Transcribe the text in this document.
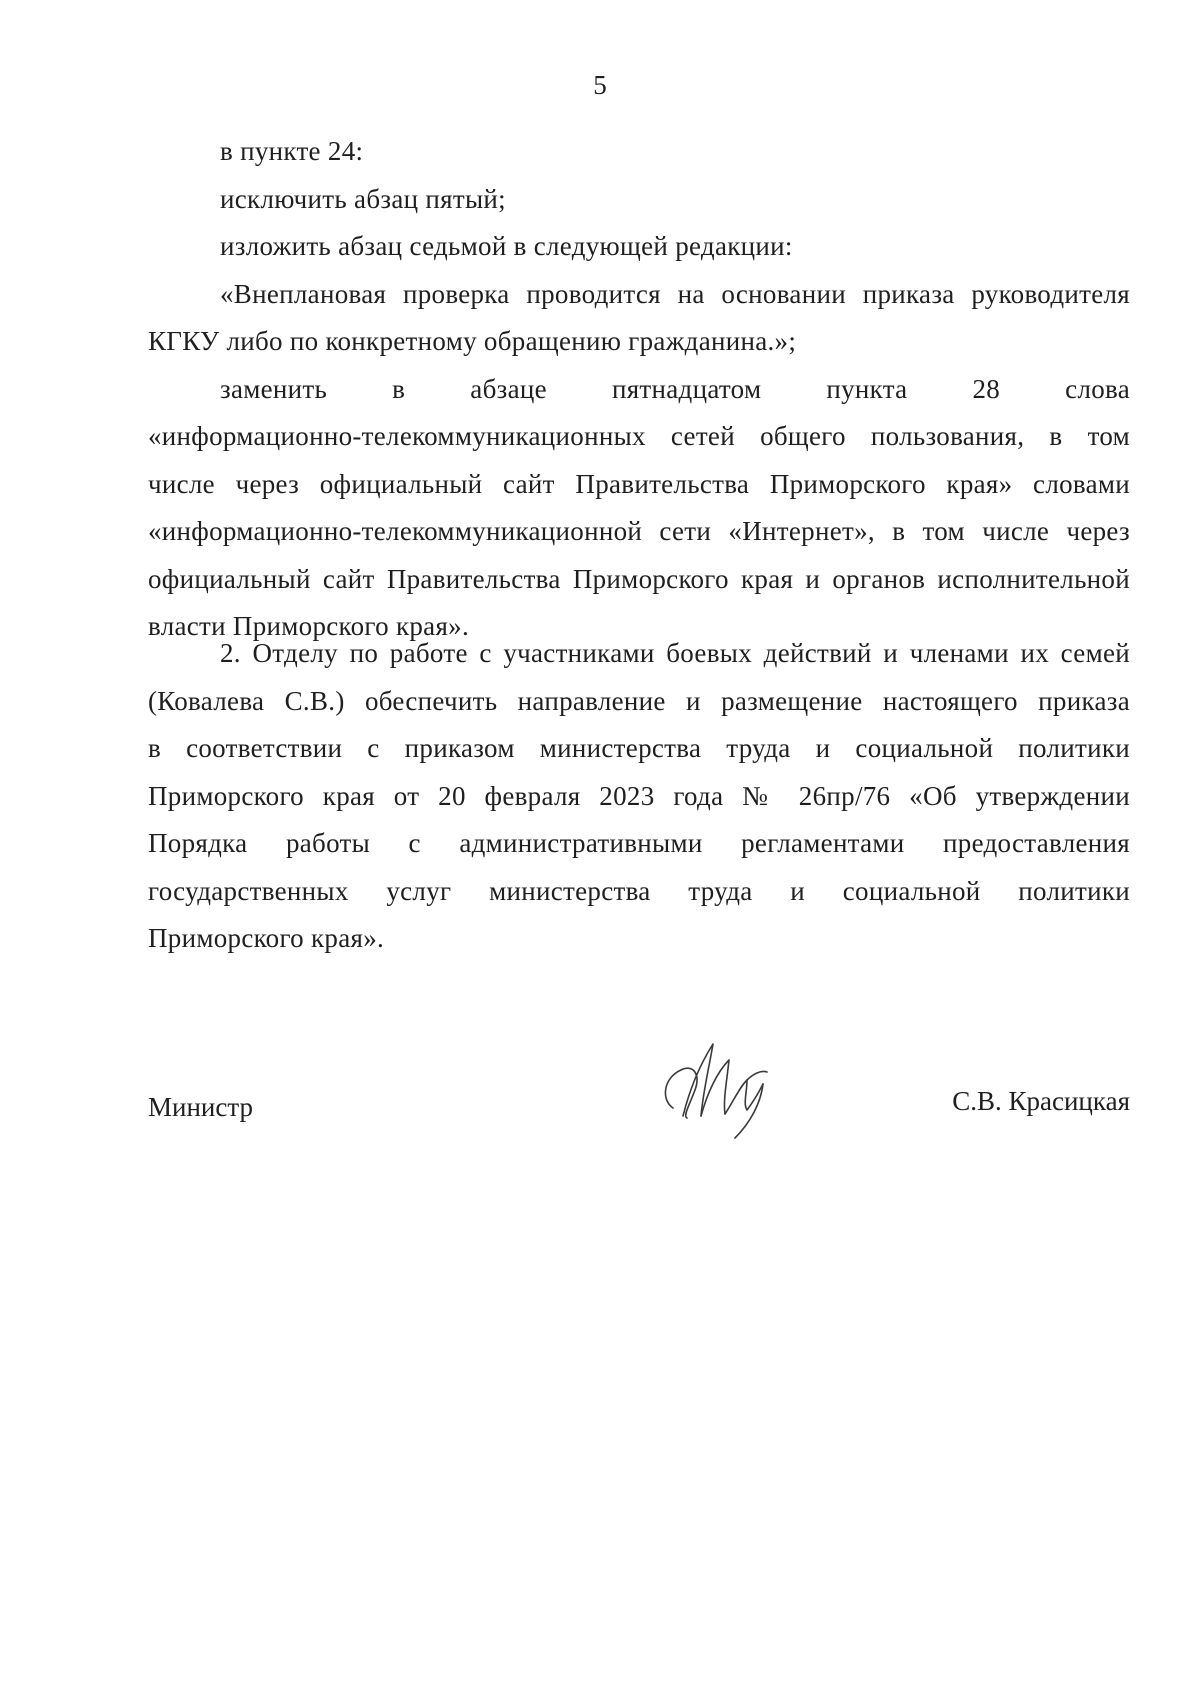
5
в пункте 24:
исключить абзац пятый;
изложить абзац седьмой в следующей редакции:
«Внеплановая проверка проводится на основании приказа руководителя
КГКУ либо по конкретному обращению гражданина.»;
заменить в абзаце пятнадцатом пункта 28 слова
«информационно-телекоммуникационных сетей общего пользования, в том
числе через официальный сайт Правительства Приморского края» словами
«информационно-телекоммуникационной сети «Интернет», в том числе через
официальный сайт Правительства Приморского края и органов исполнительной
власти Приморского края».
2. Отделу по работе с участниками боевых действий и членами их семей
(Ковалева С.В.) обеспечить направление и размещение настоящего приказа
в соответствии с приказом министерства труда и социальной политики
Приморского края от 20 февраля 2023 года № 26пр/76 «Об утверждении
Порядка работы с административными регламентами предоставления
государственных услуг министерства труда и социальной политики
Приморского края».
Министр	С.В. Красицкая
